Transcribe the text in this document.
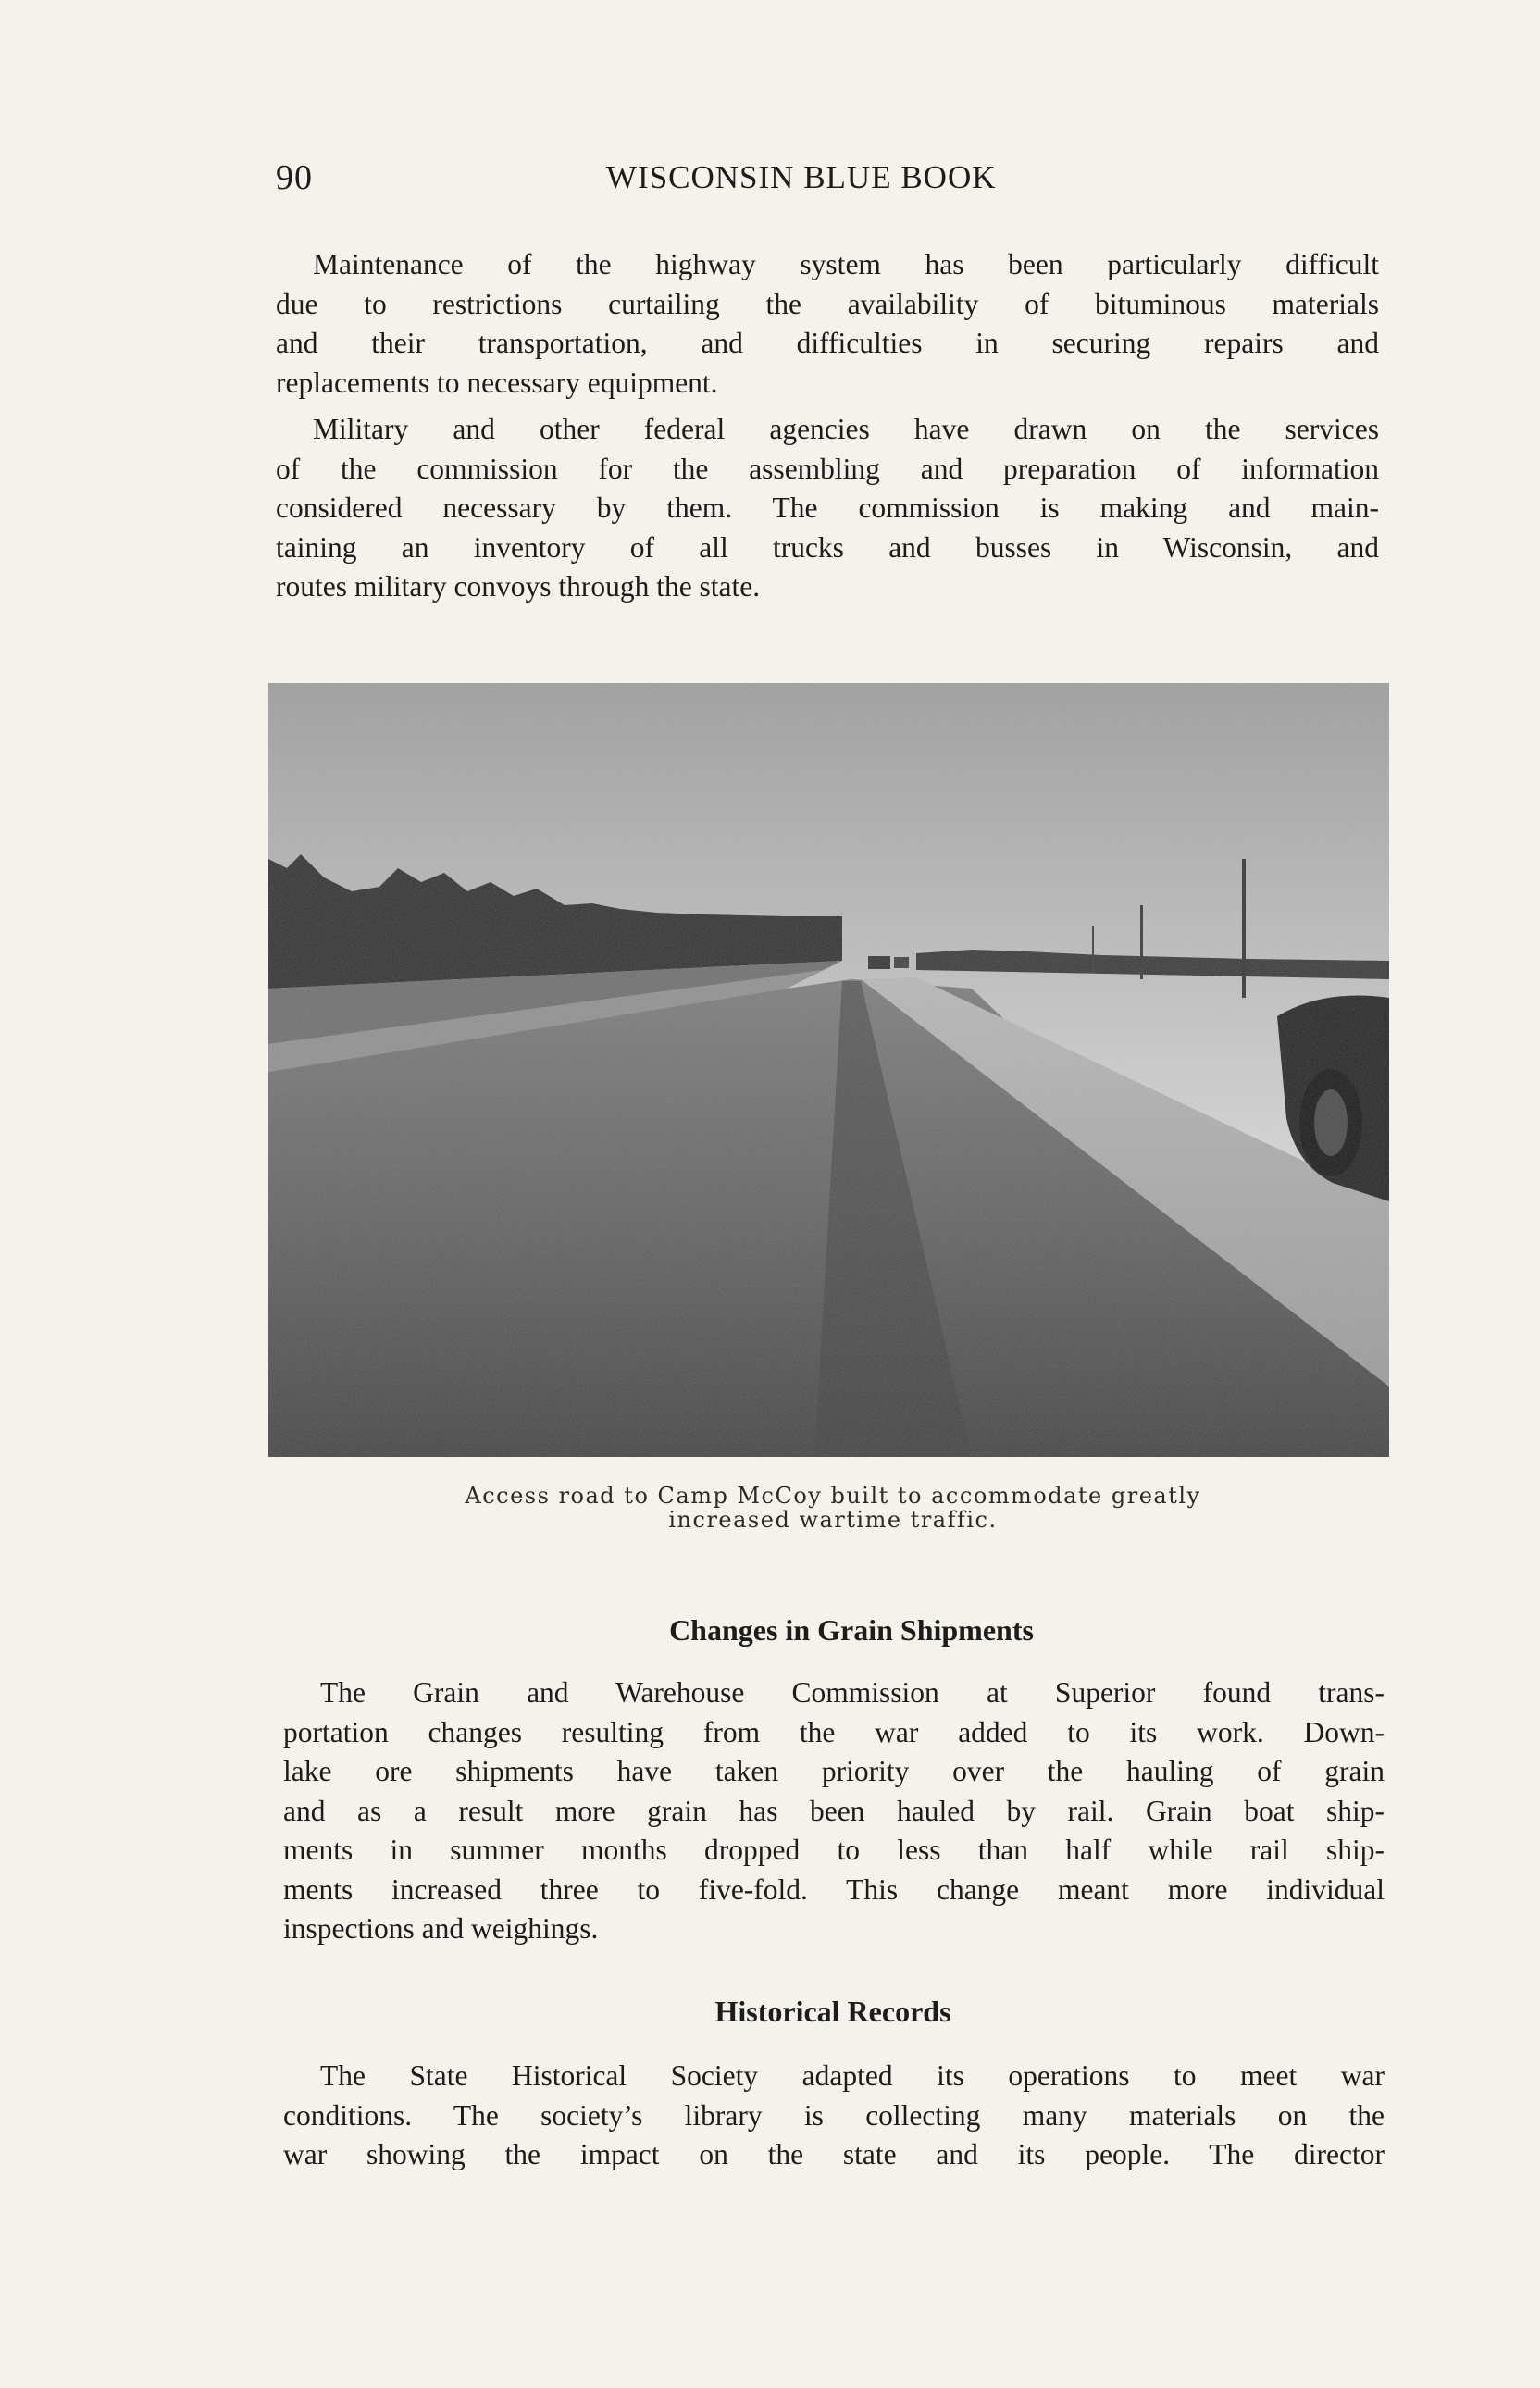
90	WISCONSIN BLUE BOOK

Maintenance of the highway system has been particularly difficult
due to restrictions curtailing the availability of bituminous materials
and their transportation, and difficulties in securing repairs and
replacements to necessary equipment.

Military and other federal agencies have drawn on the services
of the commission for the assembling and preparation of information
considered necessary by them. The commission is making and main-
taining an inventory of all trucks and busses in Wisconsin, and
routes military convoys through the state.

Access road to Camp McCoy built to accommodate greatly
increased wartime traffic.
Changes in Grain Shipments

The Grain and Warehouse Commission at Superior found trans-
portation changes resulting from the war added to its work. Down-
lake ore shipments have taken priority over the hauling of grain
and as a result more grain has been hauled by rail. Grain boat ship-
ments in summer months dropped to less than half while rail ship-
ments increased three to five-fold. This change meant more individual
inspections and weighings.

Historical Records

The State Historical Society adapted its operations to meet war
conditions. The society’s library is collecting many materials on the
war showing the impact on the state and its people. The director
